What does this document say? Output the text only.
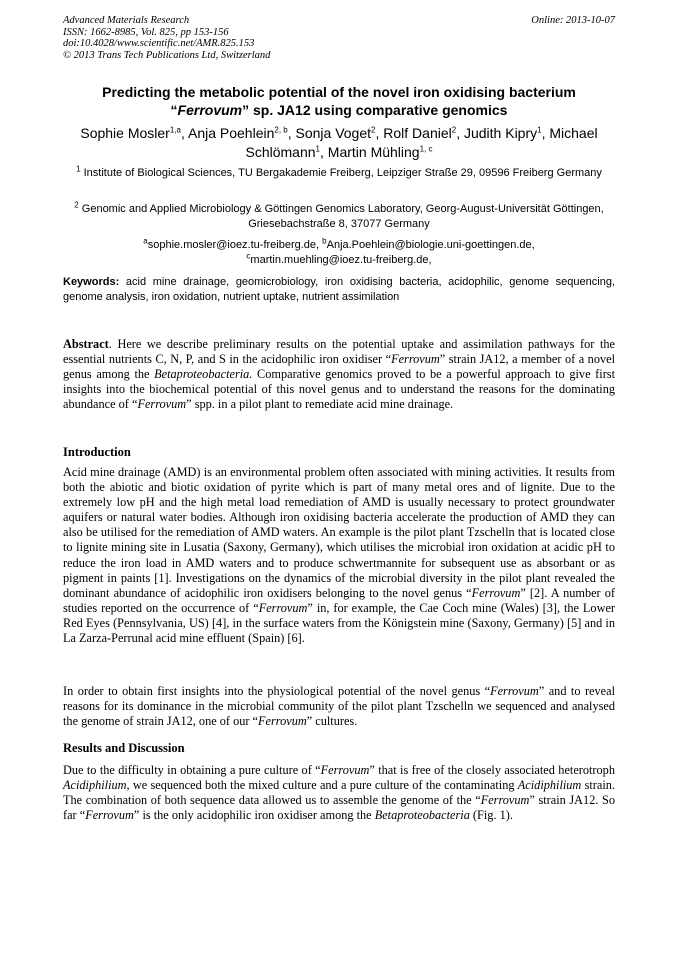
Advanced Materials Research
ISSN: 1662-8985, Vol. 825, pp 153-156
doi:10.4028/www.scientific.net/AMR.825.153
© 2013 Trans Tech Publications Ltd, Switzerland
Online: 2013-10-07
Predicting the metabolic potential of the novel iron oxidising bacterium
“Ferrovum” sp. JA12 using comparative genomics
Sophie Mosler$^{1,a}$, Anja Poehlein$^{2, b}$, Sonja Voget$^2$, Rolf Daniel$^2$, Judith Kipry$^1$, Michael Schlömann$^1$, Martin Mühling$^{1, c}$
$^1$ Institute of Biological Sciences, TU Bergakademie Freiberg, Leipziger Straße 29, 09596 Freiberg Germany
$^2$ Genomic and Applied Microbiology & Göttingen Genomics Laboratory, Georg-August-Universität Göttingen, Griesebachstraße 8, 37077 Germany
$^a$sophie.mosler@ioez.tu-freiberg.de, $^b$Anja.Poehlein@biologie.uni-goettingen.de,
$^c$martin.muehling@ioez.tu-freiberg.de,
Keywords: acid mine drainage, geomicrobiology, iron oxidising bacteria, acidophilic, genome sequencing, genome analysis, iron oxidation, nutrient uptake, nutrient assimilation
Abstract. Here we describe preliminary results on the potential uptake and assimilation pathways for the essential nutrients C, N, P, and S in the acidophilic iron oxidiser “Ferrovum” strain JA12, a member of a novel genus among the Betaproteobacteria. Comparative genomics proved to be a powerful approach to give first insights into the biochemical potential of this novel genus and to understand the reasons for the dominating abundance of “Ferrovum” spp. in a pilot plant to remediate acid mine drainage.
Introduction
Acid mine drainage (AMD) is an environmental problem often associated with mining activities. It results from both the abiotic and biotic oxidation of pyrite which is part of many metal ores and of lignite. Due to the extremely low pH and the high metal load remediation of AMD is usually necessary to protect groundwater aquifers or natural water bodies. Although iron oxidising bacteria accelerate the production of AMD they can also be utilised for the remediation of AMD waters. An example is the pilot plant Tzschelln that is located close to lignite mining site in Lusatia (Saxony, Germany), which utilises the microbial iron oxidation at acidic pH to reduce the iron load in AMD waters and to produce schwertmannite for subsequent use as absorbant or as pigment in paints [1]. Investigations on the dynamics of the microbial diversity in the pilot plant revealed the dominant abundance of acidophilic iron oxidisers belonging to the novel genus “Ferrovum” [2]. A number of studies reported on the occurrence of “Ferrovum” in, for example, the Cae Coch mine (Wales) [3], the Lower Red Eyes (Pennsylvania, US) [4], in the surface waters from the Königstein mine (Saxony, Germany) [5] and in La Zarza-Perrunal acid mine effluent (Spain) [6].
In order to obtain first insights into the physiological potential of the novel genus “Ferrovum” and to reveal reasons for its dominance in the microbial community of the pilot plant Tzschelln we sequenced and analysed the genome of strain JA12, one of our “Ferrovum” cultures.
Results and Discussion
Due to the difficulty in obtaining a pure culture of “Ferrovum” that is free of the closely associated heterotroph Acidiphilium, we sequenced both the mixed culture and a pure culture of the contaminating Acidiphilium strain. The combination of both sequence data allowed us to assemble the genome of the “Ferrovum” strain JA12. So far “Ferrovum” is the only acidophilic iron oxidiser among the Betaproteobacteria (Fig. 1).
